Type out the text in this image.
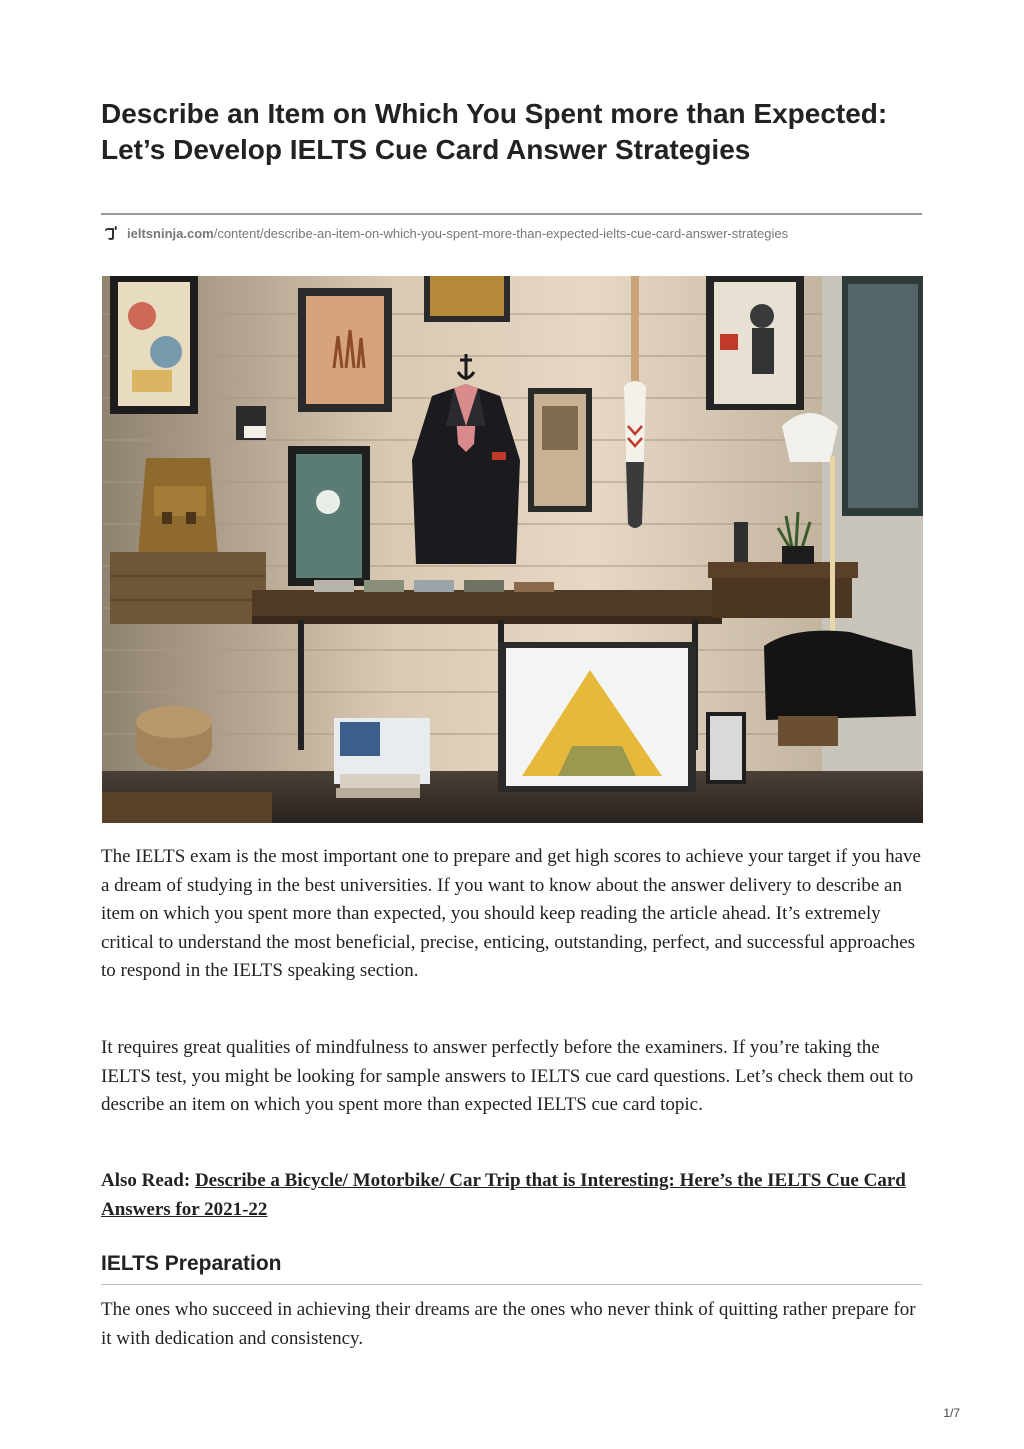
Describe an Item on Which You Spent more than Expected: Let’s Develop IELTS Cue Card Answer Strategies
ieltsninja.com/content/describe-an-item-on-which-you-spent-more-than-expected-ielts-cue-card-answer-strategies

The IELTS exam is the most important one to prepare and get high scores to achieve your target if you have a dream of studying in the best universities. If you want to know about the answer delivery to describe an item on which you spent more than expected, you should keep reading the article ahead. It’s extremely critical to understand the most beneficial, precise, enticing, outstanding, perfect, and successful approaches to respond in the IELTS speaking section.

It requires great qualities of mindfulness to answer perfectly before the examiners. If you’re taking the IELTS test, you might be looking for sample answers to IELTS cue card questions. Let’s check them out to describe an item on which you spent more than expected IELTS cue card topic.

Also Read: Describe a Bicycle/ Motorbike/ Car Trip that is Interesting: Here’s the IELTS Cue Card Answers for 2021-22

IELTS Preparation

The ones who succeed in achieving their dreams are the ones who never think of quitting rather prepare for it with dedication and consistency.

1/7
